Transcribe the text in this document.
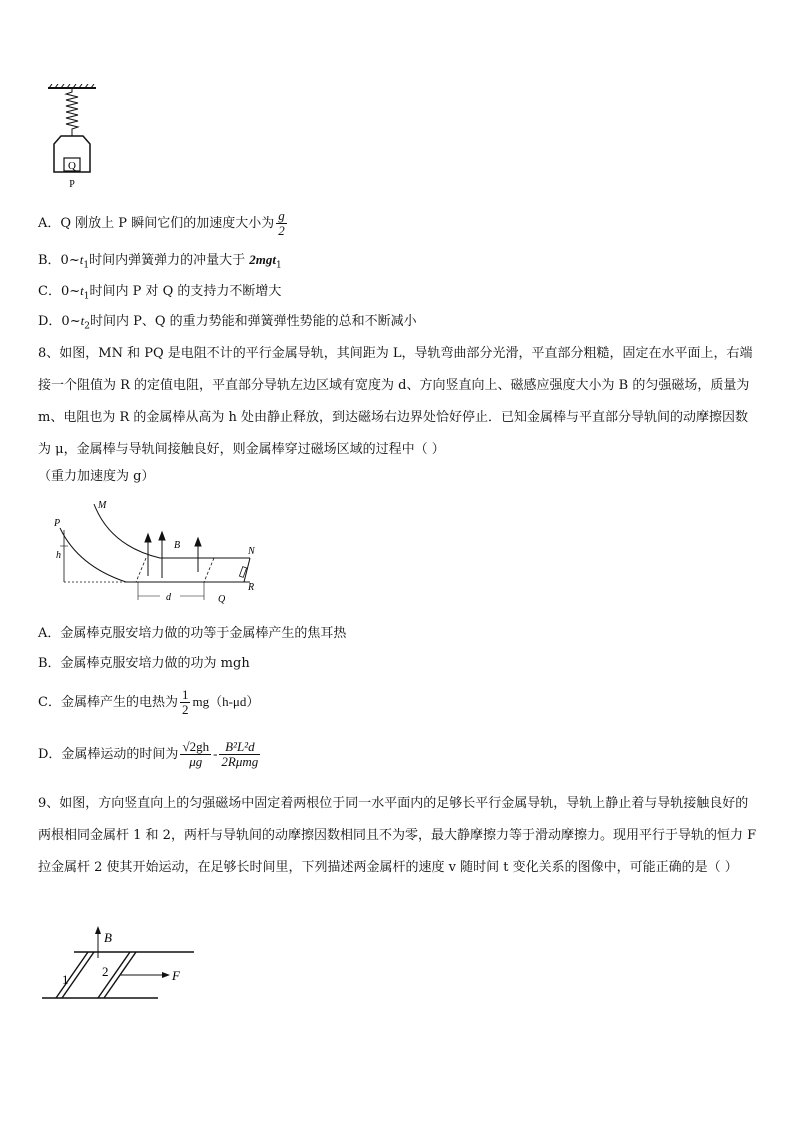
Q
P
A．Q 刚放上 P 瞬间它们的加速度大小为 $\frac{g}{2}$
B．$0\sim t_1$时间内弹簧弹力的冲量大于 2mgt$_1$
C．$0\sim t_1$时间内 P 对 Q 的支持力不断增大
D．$0\sim t_2$时间内 P、Q 的重力势能和弹簧弹性势能的总和不断减小
8、如图，MN 和 PQ 是电阻不计的平行金属导轨，其间距为 L，导轨弯曲部分光滑，平直部分粗糙，固定在水平面上，右端接一个阻值为 R 的定值电阻，平直部分导轨左边区域有宽度为 d、方向竖直向上、磁感应强度大小为 B 的匀强磁场，质量为 m、电阻也为 R 的金属棒从高为 h 处由静止释放，到达磁场右边界处恰好停止．已知金属棒与平直部分导轨间的动摩擦因数为 μ，金属棒与导轨间接触良好，则金属棒穿过磁场区域的过程中（ ）
（重力加速度为 g）
P
M
h
B
N
R
d	Q
A．金属棒克服安培力做的功等于金属棒产生的焦耳热
B．金属棒克服安培力做的功为 mgh
C．金属棒产生的电热为 $\frac{1}{2} mg(h-\mu d)$
D．金属棒运动的时间为 $\frac{√2gh}{\mu g} - \frac{\text{B²L²d}}{\text{2Rμmg}}$
9、如图，方向竖直向上的匀强磁场中固定着两根位于同一水平面内的足够长平行金属导轨，导轨上静止着与导轨接触良好的两根相同金属杆 1 和 2，两杆与导轨间的动摩擦因数相同且不为零，最大静摩擦力等于滑动摩擦力。现用平行于导轨的恒力 F 拉金属杆 2 使其开始运动，在足够长时间里，下列描述两金属杆的速度 v 随时间 t 变化关系的图像中，可能正确的是（ ）
B
F
1
2
